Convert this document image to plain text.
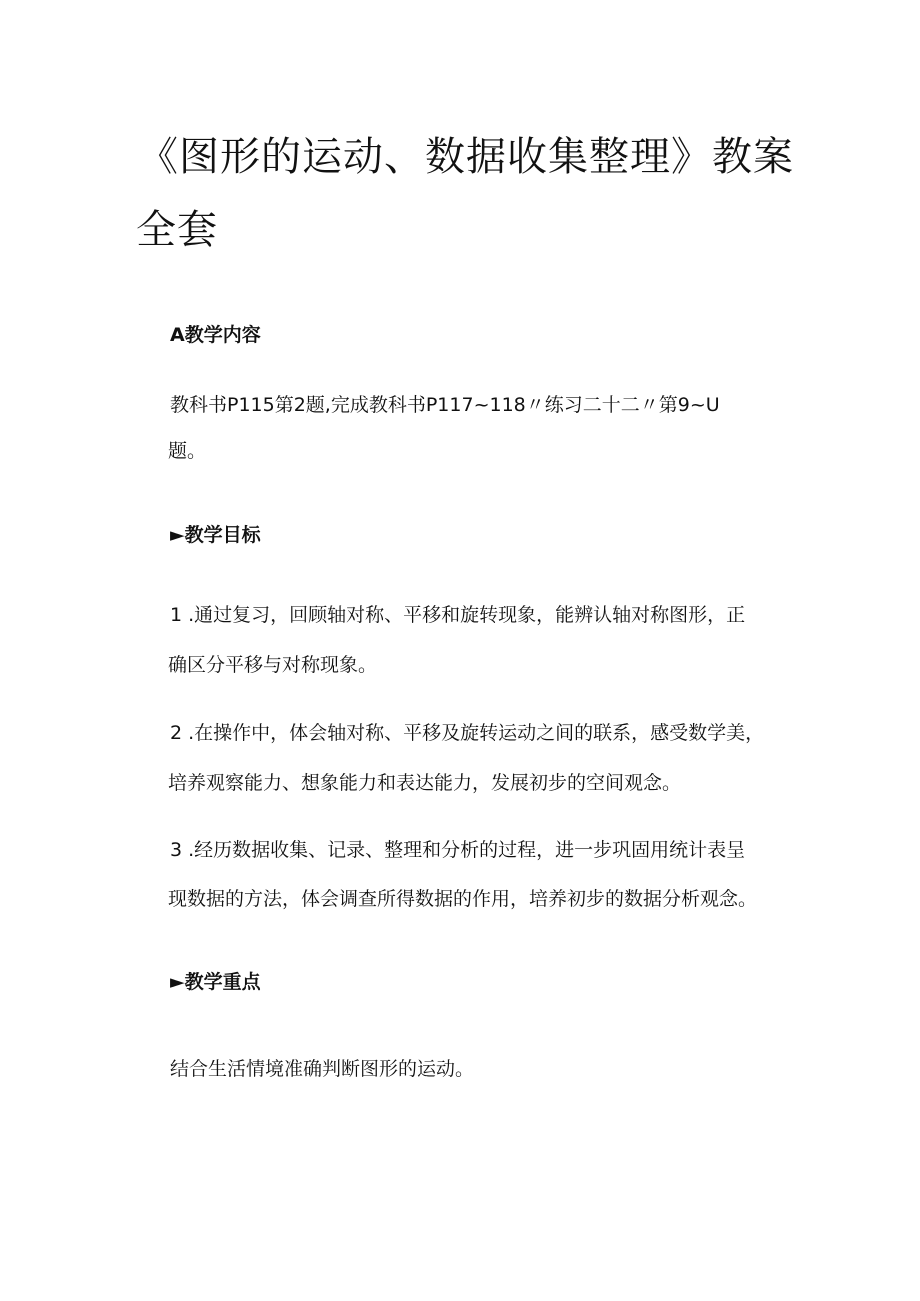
《图形的运动、数据收集整理》教案
全套
A教学内容
教科书P115第2题,完成教科书P117~118〃练习二十二〃第9~U
题。
►教学目标
1 .通过复习，回顾轴对称、平移和旋转现象，能辨认轴对称图形，正
确区分平移与对称现象。
2 .在操作中，体会轴对称、平移及旋转运动之间的联系，感受数学美，
培养观察能力、想象能力和表达能力，发展初步的空间观念。
3 .经历数据收集、记录、整理和分析的过程，进一步巩固用统计表呈
现数据的方法，体会调查所得数据的作用，培养初步的数据分析观念。
►教学重点
结合生活情境准确判断图形的运动。
